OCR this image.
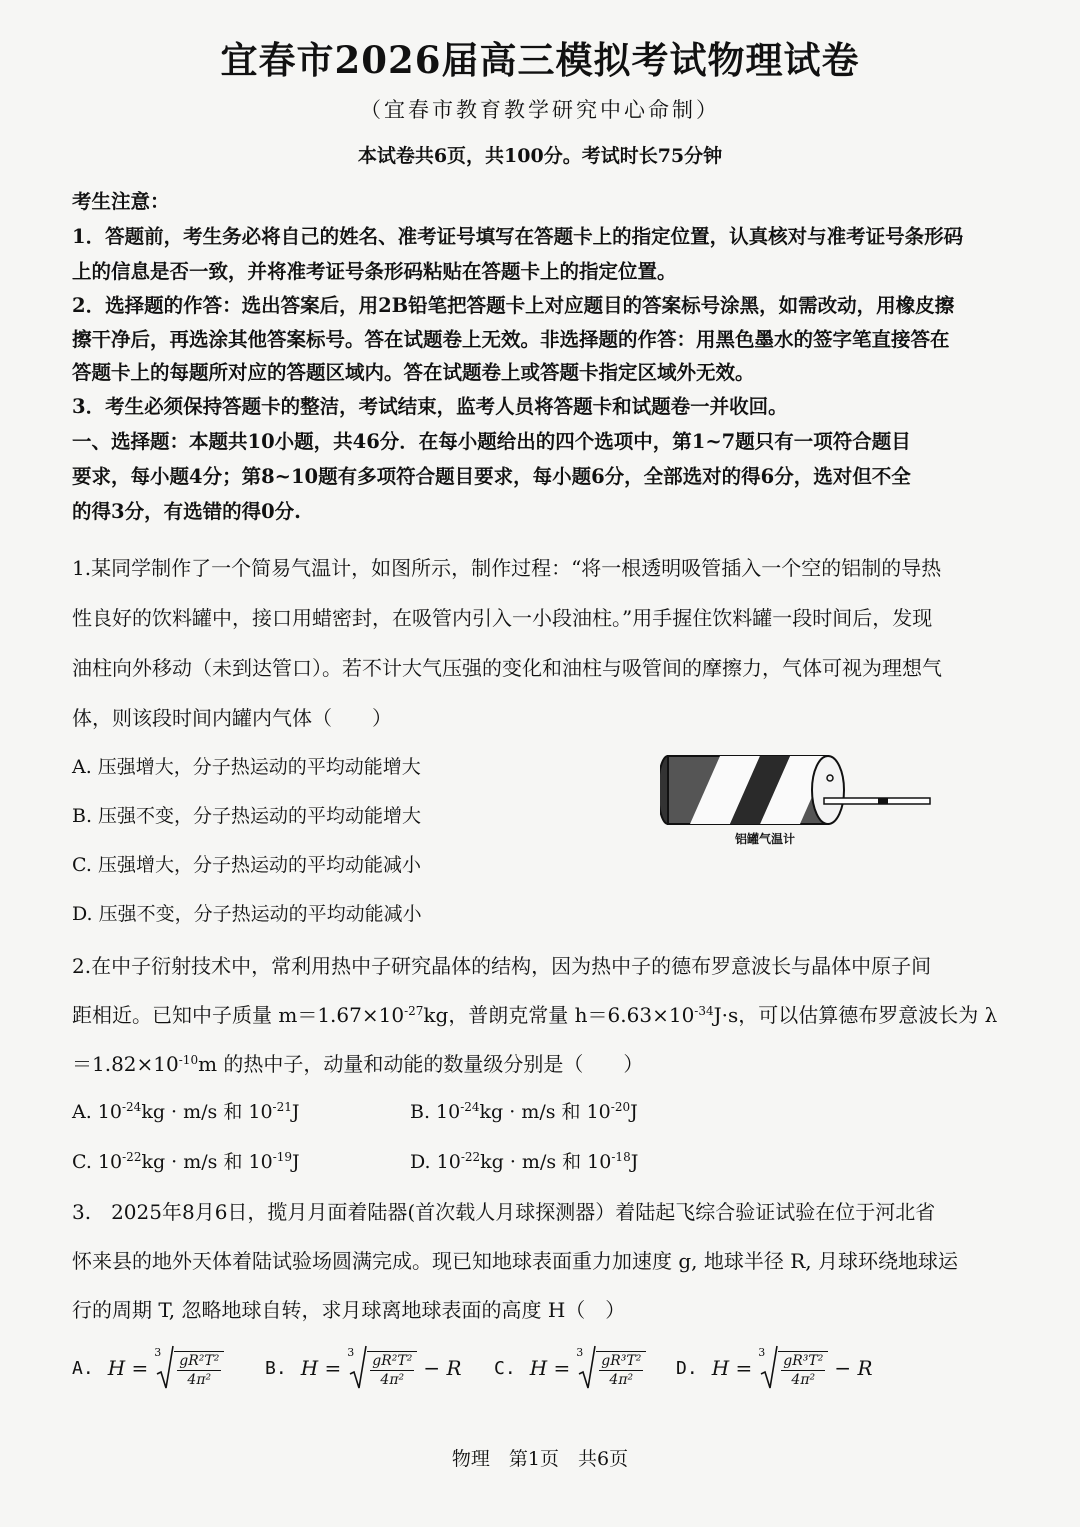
宜春市2026届高三模拟考试物理试卷
（宜春市教育教学研究中心命制）
本试卷共6页，共100分。考试时长75分钟
考生注意：
1．答题前，考生务必将自己的姓名、准考证号填写在答题卡上的指定位置，认真核对与准考证号条形码
上的信息是否一致，并将准考证号条形码粘贴在答题卡上的指定位置。
2．选择题的作答：选出答案后，用2B铅笔把答题卡上对应题目的答案标号涂黑，如需改动，用橡皮擦
擦干净后，再选涂其他答案标号。答在试题卷上无效。非选择题的作答：用黑色墨水的签字笔直接答在
答题卡上的每题所对应的答题区域内。答在试题卷上或答题卡指定区域外无效。
3．考生必须保持答题卡的整洁，考试结束，监考人员将答题卡和试题卷一并收回。
一、选择题：本题共10小题，共46分．在每小题给出的四个选项中，第1~7题只有一项符合题目
要求，每小题4分；第8~10题有多项符合题目要求，每小题6分，全部选对的得6分，选对但不全
的得3分，有选错的得0分.
1.某同学制作了一个简易气温计，如图所示，制作过程：“将一根透明吸管插入一个空的铝制的导热
性良好的饮料罐中，接口用蜡密封，在吸管内引入一小段油柱。”用手握住饮料罐一段时间后，发现
油柱向外移动（未到达管口）。若不计大气压强的变化和油柱与吸管间的摩擦力，气体可视为理想气
体，则该段时间内罐内气体（　　）
A. 压强增大，分子热运动的平均动能增大
B. 压强不变，分子热运动的平均动能增大
C. 压强增大，分子热运动的平均动能减小
D. 压强不变，分子热运动的平均动能减小
铝罐气温计
2.在中子衍射技术中，常利用热中子研究晶体的结构，因为热中子的德布罗意波长与晶体中原子间
距相近。已知中子质量 $m=1.67\times 10^{-27}kg$，普朗克常量 $h=6.63\times 10^{-34}J\cdot s$，可以估算德布罗意波长为 λ
$=1.82\times 10^{-10}m$ 的热中子，动量和动能的数量级分别是（　　）
A. $10^{-24}kg \cdot m/s$ 和 $10^{-21}J$	B. $10^{-24}kg \cdot m/s$ 和 $10^{-20}J$
C. $10^{-22}kg \cdot m/s$ 和 $10^{-19}J$	D. $10^{-22}kg \cdot m/s$ 和 $10^{-18}J$
3.　2025年8月6日，揽月月面着陆器(首次载人月球探测器）着陆起飞综合验证试验在位于河北省
怀来县的地外天体着陆试验场圆满完成。现已知地球表面重力加速度 g, 地球半径 R, 月球环绕地球运
行的周期 T, 忽略地球自转，求月球离地球表面的高度 H（　）
A. H =
$3 \frac{\text{gR²T²}}{\text{4π²}} B$. H =
$3 \frac{\text{gR²T²}}{\text{4π²}} - R$ C. H =
$3 \frac{\text{gR³T²}}{\text{4π²}} D$. H =
$3 \frac{\text{gR³T²}}{\text{4π²}} - R$
物理　第1页　共6页
